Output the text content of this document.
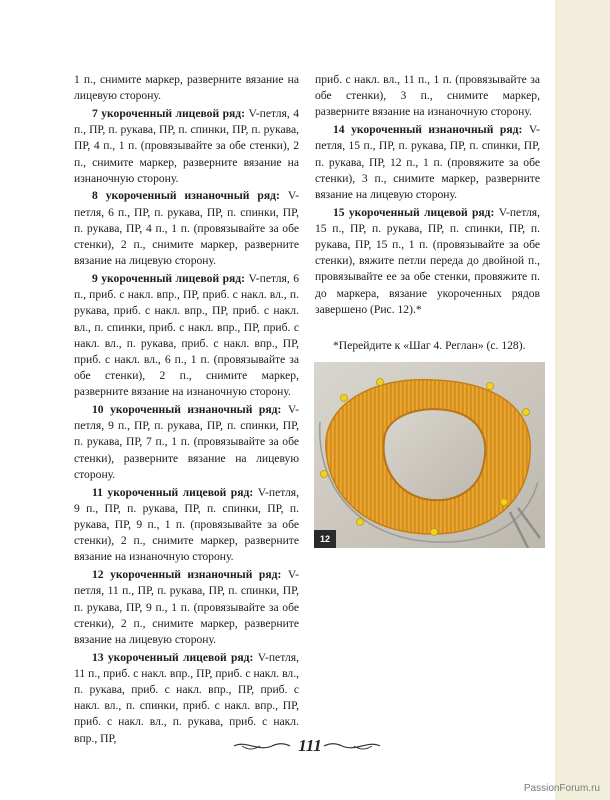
1 п., снимите маркер, разверните вязание на лицевую сторону.

7 укороченный лицевой ряд: V-петля, 4 п., ПР, п. рукава, ПР, п. спинки, ПР, п. рукава, ПР, 4 п., 1 п. (провязывайте за обе стенки), 2 п., снимите маркер, разверните вязание на изнаночную сторону.

8 укороченный изнаночный ряд: V-петля, 6 п., ПР, п. рукава, ПР, п. спинки, ПР, п. рукава, ПР, 4 п., 1 п. (провязывайте за обе стенки), 2 п., снимите маркер, разверните вязание на лицевую сторону.

9 укороченный лицевой ряд: V-петля, 6 п., приб. с накл. впр., ПР, приб. с накл. вл., п. рукава, приб. с накл. впр., ПР, приб. с накл. вл., п. спинки, приб. с накл. впр., ПР, приб. с накл. вл., п. рукава, приб. с накл. впр., ПР, приб. с накл. вл., 6 п., 1 п. (провязывайте за обе стенки), 2 п., снимите маркер, разверните вязание на изнаночную сторону.

10 укороченный изнаночный ряд: V-петля, 9 п., ПР, п. рукава, ПР, п. спинки, ПР, п. рукава, ПР, 7 п., 1 п. (провязывайте за обе стенки), разверните вязание на лицевую сторону.

11 укороченный лицевой ряд: V-петля, 9 п., ПР, п. рукава, ПР, п. спинки, ПР, п. рукава, ПР, 9 п., 1 п. (провязывайте за обе стенки), 2 п., снимите маркер, разверните вязание на изнаночную сторону.

12 укороченный изнаночный ряд: V-петля, 11 п., ПР, п. рукава, ПР, п. спинки, ПР, п. рукава, ПР, 9 п., 1 п. (провязывайте за обе стенки), 2 п., снимите маркер, разверните вязание на лицевую сторону.

13 укороченный лицевой ряд: V-петля, 11 п., приб. с накл. впр., ПР, приб. с накл. вл., п. рукава, приб. с накл. впр., ПР, приб. с накл. вл., п. спинки, приб. с накл. впр., ПР, приб. с накл. вл., п. рукава, приб. с накл. впр., ПР,

приб. с накл. вл., 11 п., 1 п. (провязывайте за обе стенки), 3 п., снимите маркер, разверните вязание на изнаночную сторону.

14 укороченный изнаночный ряд: V-петля, 15 п., ПР, п. рукава, ПР, п. спинки, ПР, п. рукава, ПР, 12 п., 1 п. (провяжите за обе стенки), 3 п., снимите маркер, разверните вязание на лицевую сторону.

15 укороченный лицевой ряд: V-петля, 15 п., ПР, п. рукава, ПР, п. спинки, ПР, п. рукава, ПР, 15 п., 1 п. (провязывайте за обе стенки), вяжите петли переда до двойной п., провязывайте ее за обе стенки, провяжите п. до маркера, вязание укороченных рядов завершено (Рис. 12).*

*Перейдите к «Шаг 4. Реглан» (с. 128).

12
111
PassionForum.ru
